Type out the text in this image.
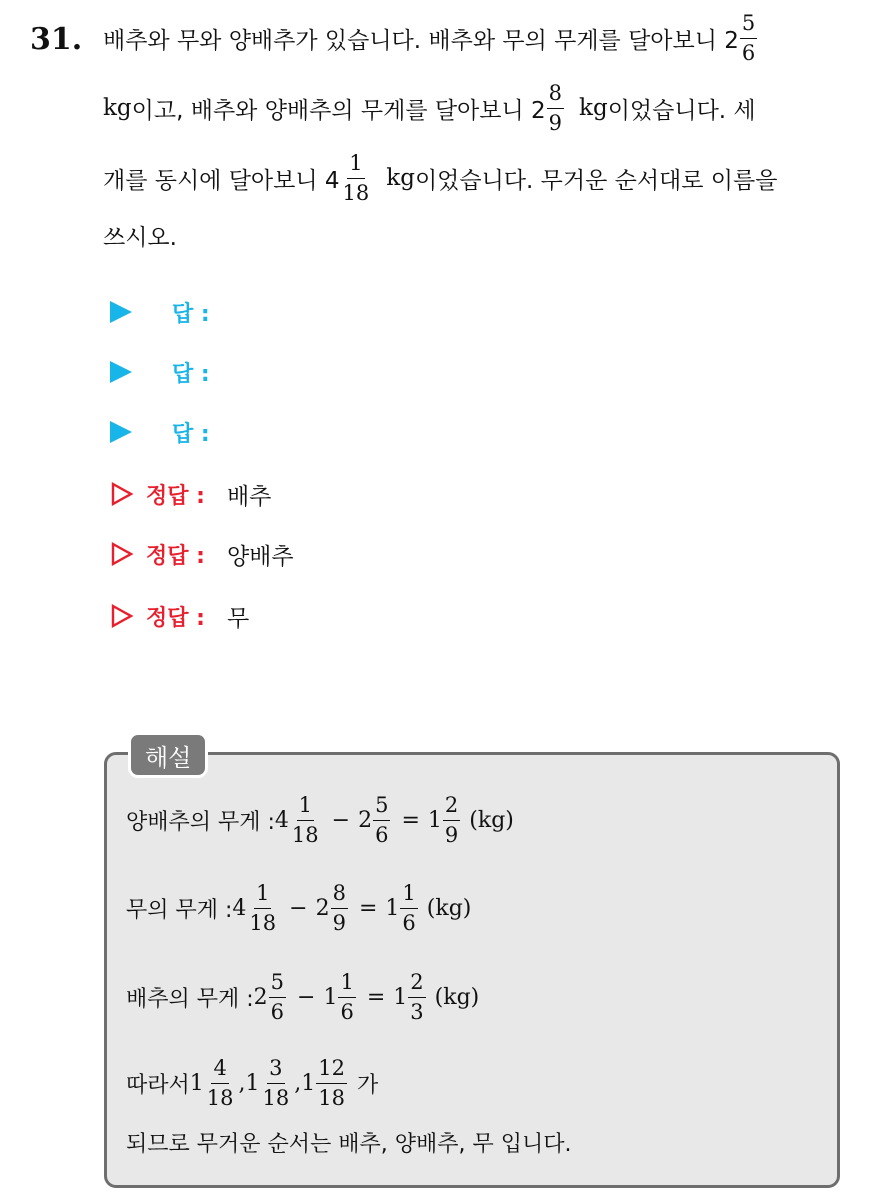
31. 배추와 무와 양배추가 있습니다. 배추와 무의 무게를 달아보니 $2 \frac{5}{6}$
kg 이고, 배추와 양배추의 무게를 달아보니 $2 \frac{8}{9}$ kg 이었습니다. 세
개를 동시에 달아보니 $4 \frac{1}{18}$ kg 이었습니다. 무거운 순서대로 이름을
쓰시오.
답 :
답 :
답 :
정답 : 배추
정답 : 양배추
정답 : 무
해설
양배추의 무게 : $4 \frac{1}{18} - 2 \frac{5}{6} = 1 \frac{2}{9} (kg)$
무의 무게 : $4 \frac{1}{18} - 2 \frac{8}{9} = 1 \frac{1}{6} (kg)$
배추의 무게 : $2 \frac{5}{6} - 1 \frac{1}{6} = 1 \frac{2}{3} (kg)$
따라서 $1 \frac{4}{18}$ , $1 \frac{3}{18}$ , $1 \frac{12}{18}$ 가
되므로 무거운 순서는 배추, 양배추, 무 입니다.
